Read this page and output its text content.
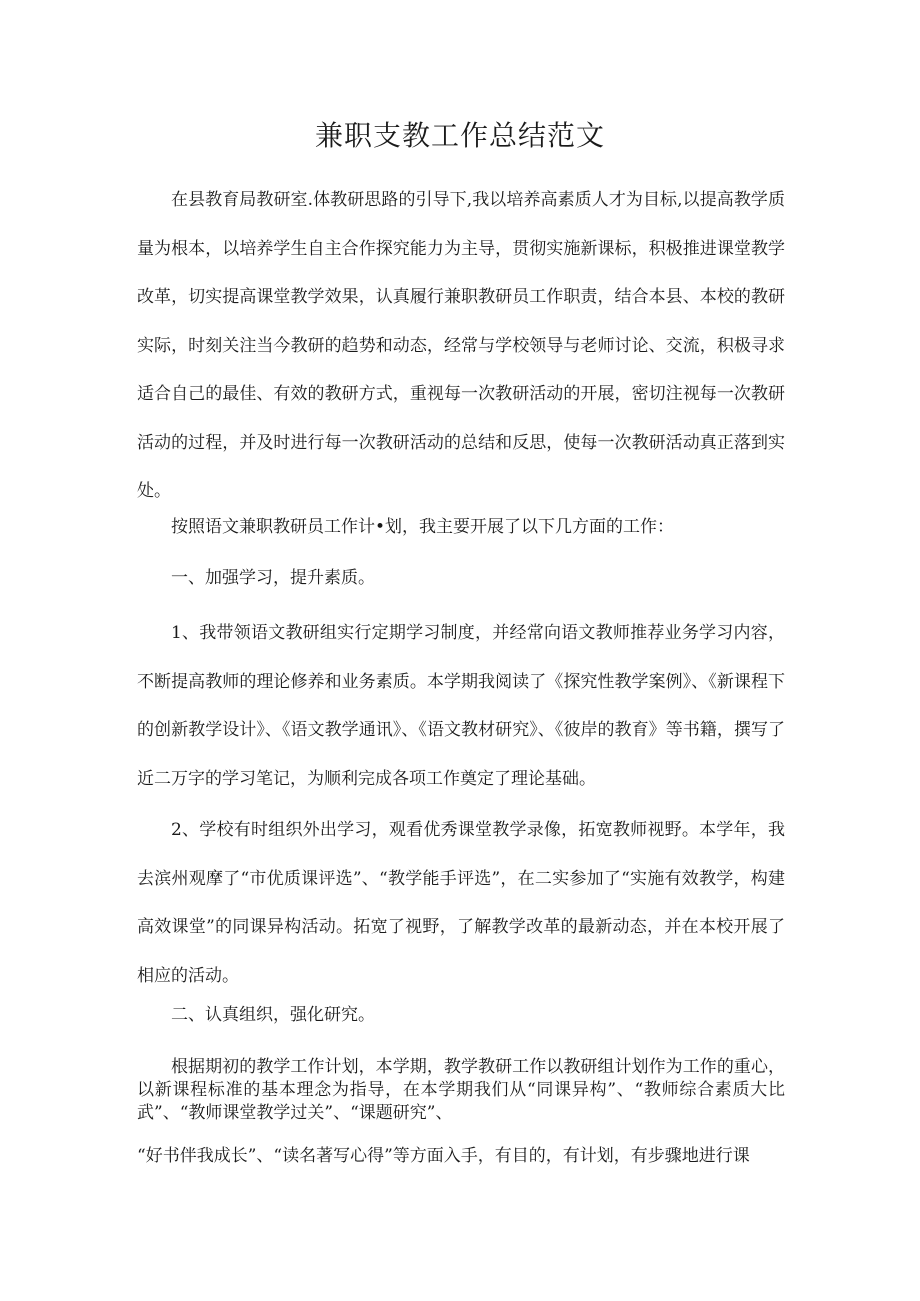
兼职支教工作总结范文

在县教育局教研室.体教研思路的引导下,我以培养高素质人才为目标,以提高教学质量为根本，以培养学生自主合作探究能力为主导，贯彻实施新课标，积极推进课堂教学改革，切实提高课堂教学效果，认真履行兼职教研员工作职责，结合本县、本校的教研实际，时刻关注当今教研的趋势和动态，经常与学校领导与老师讨论、交流，积极寻求适合自己的最佳、有效的教研方式，重视每一次教研活动的开展，密切注视每一次教研活动的过程，并及时进行每一次教研活动的总结和反思，使每一次教研活动真正落到实处。

按照语文兼职教研员工作计•划，我主要开展了以下几方面的工作：

一、加强学习，提升素质。

1、我带领语文教研组实行定期学习制度，并经常向语文教师推荐业务学习内容，不断提高教师的理论修养和业务素质。本学期我阅读了《探究性教学案例》、《新课程下的创新教学设计》、《语文教学通讯》、《语文教材研究》、《彼岸的教育》等书籍，撰写了近二万字的学习笔记，为顺利完成各项工作奠定了理论基础。

2、学校有时组织外出学习，观看优秀课堂教学录像，拓宽教师视野。本学年，我去滨州观摩了“市优质课评选”、“教学能手评选”，在二实参加了“实施有效教学，构建高效课堂”的同课异构活动。拓宽了视野，了解教学改革的最新动态，并在本校开展了相应的活动。

二、认真组织，强化研究。

根据期初的教学工作计划，本学期，教学教研工作以教研组计划作为工作的重心，以新课程标准的基本理念为指导，在本学期我们从“同课异构”、“教师综合素质大比武”、“教师课堂教学过关”、“课题研究”、

“好书伴我成长”、“读名著写心得”等方面入手，有目的，有计划，有步骤地进行课
